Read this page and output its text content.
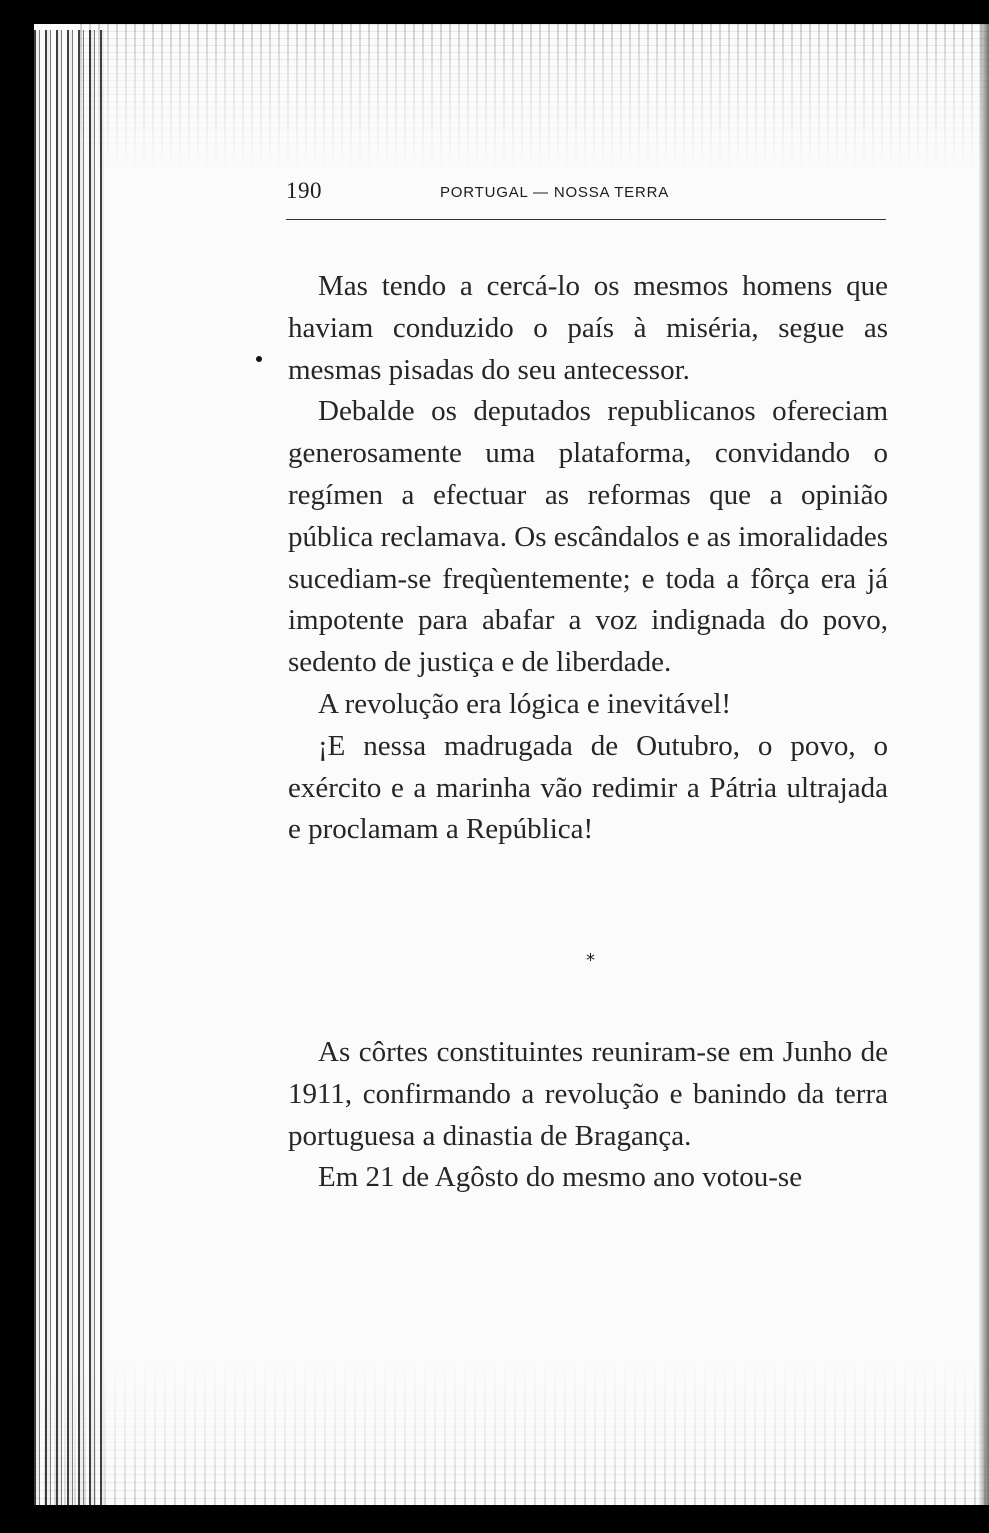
190	PORTUGAL — NOSSA TERRA

Mas tendo a cercá-lo os mesmos homens que haviam conduzido o país à miséria, segue as mesmas pisadas do seu antecessor.

Debalde os deputados republicanos ofereciam generosamente uma plataforma, convidando o regímen a efectuar as reformas que a opinião pública reclamava. Os escândalos e as imoralidades sucediam-se freqùentemente; e toda a fôrça era já impotente para abafar a voz indignada do povo, sedento de justiça e de liberdade.

A revolução era lógica e inevitável!

¡E nessa madrugada de Outubro, o povo, o exército e a marinha vão redimir a Pátria ultrajada e proclamam a República!

*

As côrtes constituintes reuniram-se em Junho de 1911, confirmando a revolução e banindo da terra portuguesa a dinastia de Bragança.

Em 21 de Agôsto do mesmo ano votou-se
